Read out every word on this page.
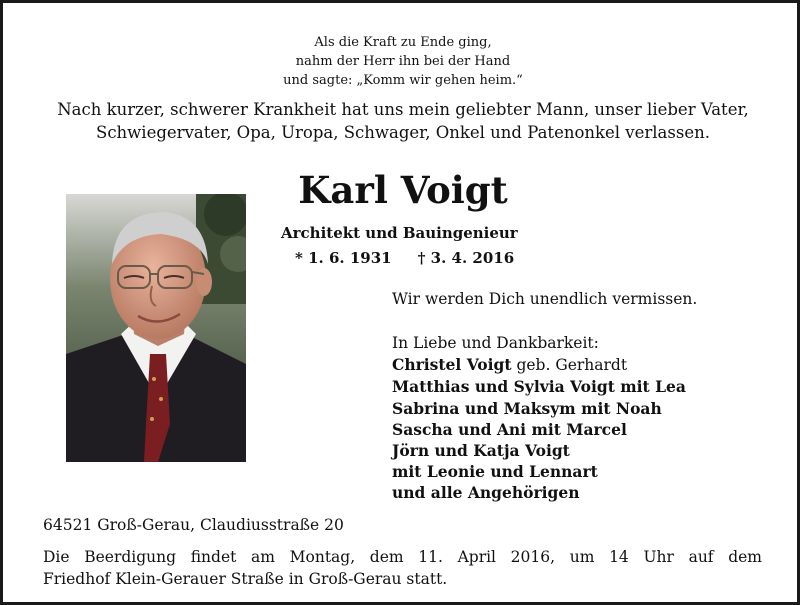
Als die Kraft zu Ende ging,
nahm der Herr ihn bei der Hand
und sagte: „Komm wir gehen heim.“
Nach kurzer, schwerer Krankheit hat uns mein geliebter Mann, unser lieber Vater,
Schwiegervater, Opa, Uropa, Schwager, Onkel und Patenonkel verlassen.
Karl Voigt
Architekt und Bauingenieur
* 1. 6. 1931 † 3. 4. 2016
Wir werden Dich unendlich vermissen.
In Liebe und Dankbarkeit:
Christel Voigt geb. Gerhardt
Matthias und Sylvia Voigt mit Lea
Sabrina und Maksym mit Noah
Sascha und Ani mit Marcel
Jörn und Katja Voigt
mit Leonie und Lennart
und alle Angehörigen
64521 Groß-Gerau, Claudiusstraße 20
Die Beerdigung findet am Montag, dem 11. April 2016, um 14 Uhr auf dem
Friedhof Klein-Gerauer Straße in Groß-Gerau statt.
